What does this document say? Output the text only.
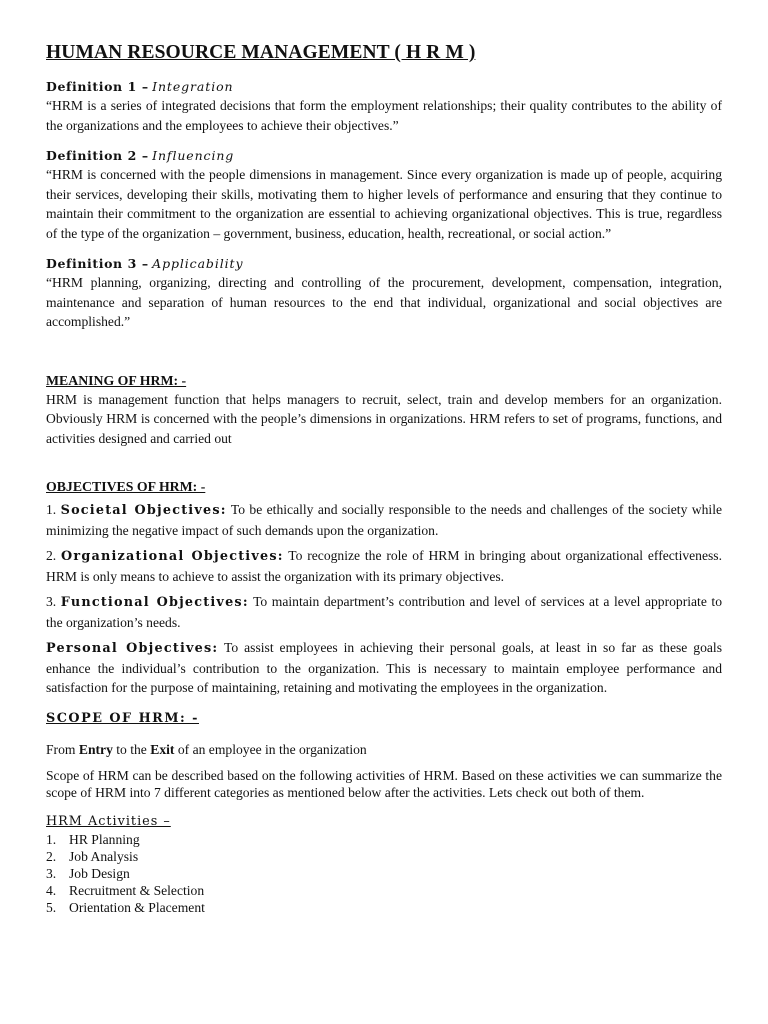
HUMAN RESOURCE MANAGEMENT ( H R M )
Definition 1 – Integration

“HRM is a series of integrated decisions that form the employment relationships; their quality contributes to the ability of the organizations and the employees to achieve their objectives.”

Definition 2 – Influencing

“HRM is concerned with the people dimensions in management. Since every organization is made up of people, acquiring their services, developing their skills, motivating them to higher levels of performance and ensuring that they continue to maintain their commitment to the organization are essential to achieving organizational objectives. This is true, regardless of the type of the organization – government, business, education, health, recreational, or social action.”

Definition 3 – Applicability

“HRM planning, organizing, directing and controlling of the procurement, development, compensation, integration, maintenance and separation of human resources to the end that individual, organizational and social objectives are accomplished.”

MEANING OF HRM: -

HRM is management function that helps managers to recruit, select, train and develop members for an organization. Obviously HRM is concerned with the people’s dimensions in organizations. HRM refers to set of programs, functions, and activities designed and carried out

OBJECTIVES OF HRM: -

1. Societal Objectives: To be ethically and socially responsible to the needs and challenges of the society while minimizing the negative impact of such demands upon the organization.

2. Organizational Objectives: To recognize the role of HRM in bringing about organizational effectiveness. HRM is only means to achieve to assist the organization with its primary objectives.

3. Functional Objectives: To maintain department’s contribution and level of services at a level appropriate to the organization’s needs.

Personal Objectives: To assist employees in achieving their personal goals, at least in so far as these goals enhance the individual’s contribution to the organization. This is necessary to maintain employee performance and satisfaction for the purpose of maintaining, retaining and motivating the employees in the organization.

SCOPE OF HRM: -

From Entry to the Exit of an employee in the organization

Scope of HRM can be described based on the following activities of HRM. Based on these activities we can summarize the scope of HRM into 7 different categories as mentioned below after the activities. Lets check out both of them.

HRM Activities –
1. HR Planning
2. Job Analysis
3. Job Design
4. Recruitment & Selection
5. Orientation & Placement
